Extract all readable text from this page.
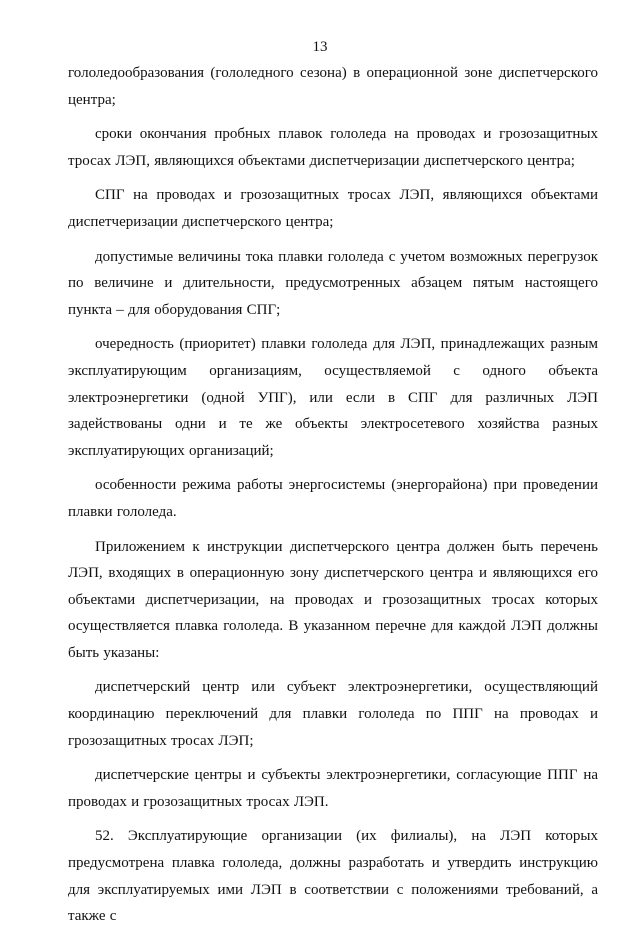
13

гололедообразования (гололедного сезона) в операционной зоне диспетчерского центра;

сроки окончания пробных плавок гололеда на проводах и грозозащитных тросах ЛЭП, являющихся объектами диспетчеризации диспетчерского центра;

СПГ на проводах и грозозащитных тросах ЛЭП, являющихся объектами диспетчеризации диспетчерского центра;

допустимые величины тока плавки гололеда с учетом возможных перегрузок по величине и длительности, предусмотренных абзацем пятым настоящего пункта – для оборудования СПГ;

очередность (приоритет) плавки гололеда для ЛЭП, принадлежащих разным эксплуатирующим организациям, осуществляемой с одного объекта электроэнергетики (одной УПГ), или если в СПГ для различных ЛЭП задействованы одни и те же объекты электросетевого хозяйства разных эксплуатирующих организаций;

особенности режима работы энергосистемы (энергорайона) при проведении плавки гололеда.

Приложением к инструкции диспетчерского центра должен быть перечень ЛЭП, входящих в операционную зону диспетчерского центра и являющихся его объектами диспетчеризации, на проводах и грозозащитных тросах которых осуществляется плавка гололеда. В указанном перечне для каждой ЛЭП должны быть указаны:

диспетчерский центр или субъект электроэнергетики, осуществляющий координацию переключений для плавки гололеда по ППГ на проводах и грозозащитных тросах ЛЭП;

диспетчерские центры и субъекты электроэнергетики, согласующие ППГ на проводах и грозозащитных тросах ЛЭП.

52. Эксплуатирующие организации (их филиалы), на ЛЭП которых предусмотрена плавка гололеда, должны разработать и утвердить инструкцию для эксплуатируемых ими ЛЭП в соответствии с положениями требований, а также с
